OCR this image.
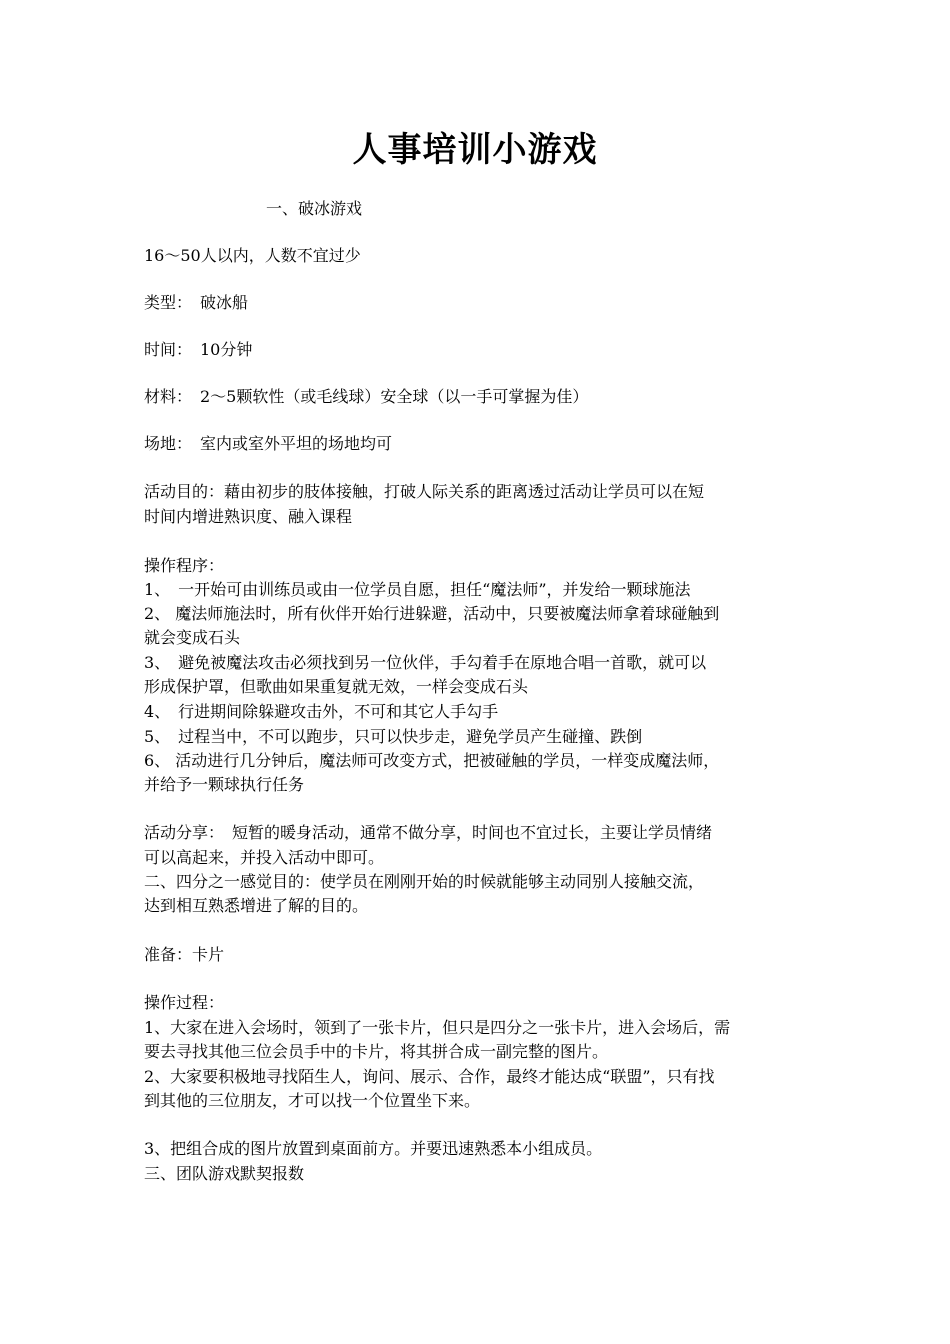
人事培训小游戏
一、破冰游戏
16～50人以内，人数不宜过少
类型：　破冰船
时间：　10分钟
材料：　2～5颗软性（或毛线球）安全球（以一手可掌握为佳）
场地：　室内或室外平坦的场地均可
活动目的：藉由初步的肢体接触，打破人际关系的距离透过活动让学员可以在短
时间内增进熟识度、融入课程
操作程序：
1、　一开始可由训练员或由一位学员自愿，担任“魔法师”，并发给一颗球施法
2、 魔法师施法时，所有伙伴开始行进躲避，活动中，只要被魔法师拿着球碰触到
就会变成石头
3、　避免被魔法攻击必须找到另一位伙伴，手勾着手在原地合唱一首歌，就可以
形成保护罩，但歌曲如果重复就无效，一样会变成石头
4、　行进期间除躲避攻击外，不可和其它人手勾手
5、　过程当中，不可以跑步，只可以快步走，避免学员产生碰撞、跌倒
6、 活动进行几分钟后，魔法师可改变方式，把被碰触的学员，一样变成魔法师，
并给予一颗球执行任务
活动分享：　短暂的暖身活动，通常不做分享，时间也不宜过长，主要让学员情绪
可以高起来，并投入活动中即可。
二、四分之一感觉目的：使学员在刚刚开始的时候就能够主动同别人接触交流，
达到相互熟悉增进了解的目的。
准备：卡片
操作过程：
1、大家在进入会场时，领到了一张卡片，但只是四分之一张卡片，进入会场后，需
要去寻找其他三位会员手中的卡片，将其拼合成一副完整的图片。
2、大家要积极地寻找陌生人，询问、展示、合作，最终才能达成“联盟”，只有找
到其他的三位朋友，才可以找一个位置坐下来。
3、把组合成的图片放置到桌面前方。并要迅速熟悉本小组成员。
三、团队游戏默契报数
